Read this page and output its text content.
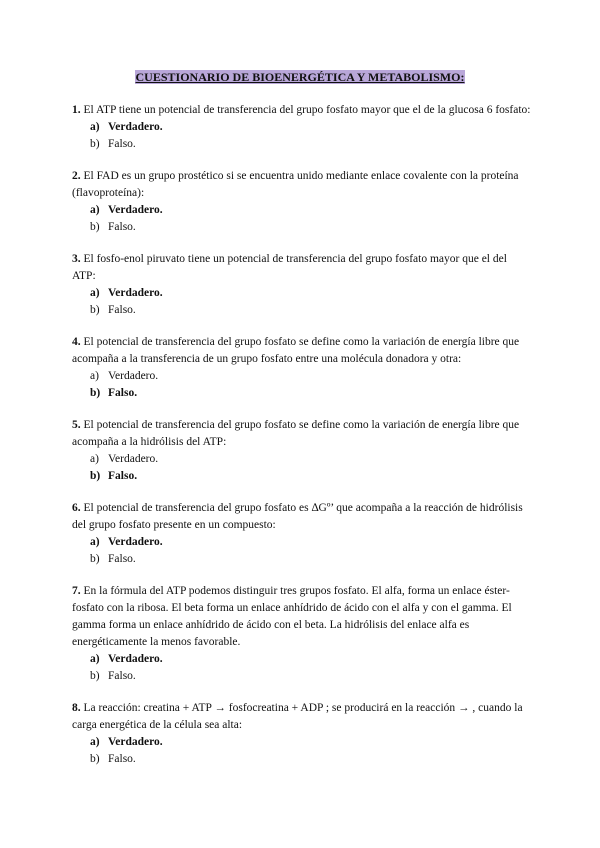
CUESTIONARIO DE BIOENERGÉTICA Y METABOLISMO:

1. El ATP tiene un potencial de transferencia del grupo fosfato mayor que el de la glucosa 6 fosfato:

a) Verdadero.
b) Falso.

2. El FAD es un grupo prostético si se encuentra unido mediante enlace covalente con la proteína (flavoproteína):

a) Verdadero.
b) Falso.

3. El fosfo-enol piruvato tiene un potencial de transferencia del grupo fosfato mayor que el del ATP:

a) Verdadero.
b) Falso.

4. El potencial de transferencia del grupo fosfato se define como la variación de energía libre que acompaña a la transferencia de un grupo fosfato entre una molécula donadora y otra:

a) Verdadero.
b) Falso.

5. El potencial de transferencia del grupo fosfato se define como la variación de energía libre que acompaña a la hidrólisis del ATP:

a) Verdadero.
b) Falso.

6. El potencial de transferencia del grupo fosfato es ∆Gº’ que acompaña a la reacción de hidrólisis del grupo fosfato presente en un compuesto:

a) Verdadero.
b) Falso.

7. En la fórmula del ATP podemos distinguir tres grupos fosfato. El alfa, forma un enlace éster-fosfato con la ribosa. El beta forma un enlace anhídrido de ácido con el alfa y con el gamma. El gamma forma un enlace anhídrido de ácido con el beta. La hidrólisis del enlace alfa es energéticamente la menos favorable.

a) Verdadero.
b) Falso.

8. La reacción: creatina + ATP → fosfocreatina + ADP ; se producirá en la reacción → , cuando la carga energética de la célula sea alta:

a) Verdadero.
b) Falso.
